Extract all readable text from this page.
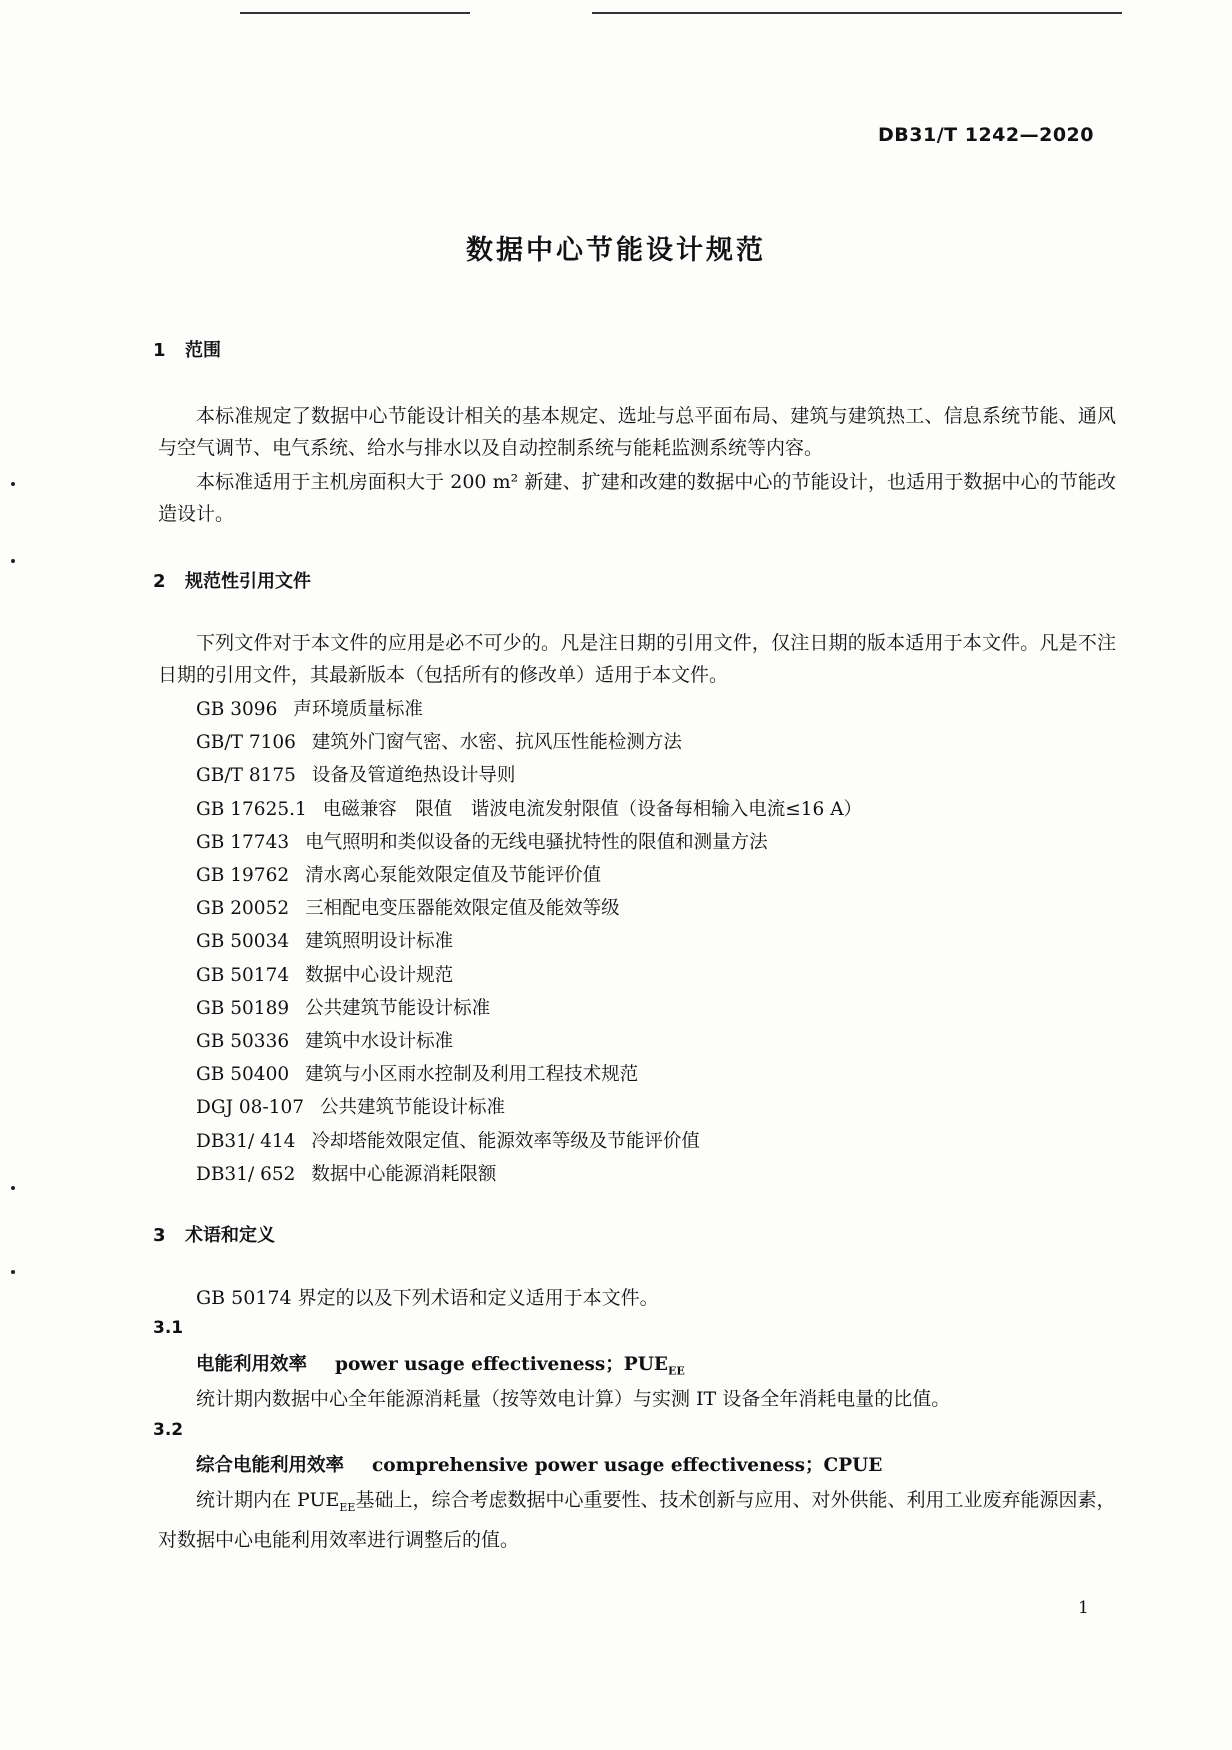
DB31/T 1242—2020
数据中心节能设计规范
1 范围

本标准规定了数据中心节能设计相关的基本规定、选址与总平面布局、建筑与建筑热工、信息系统节能、通风与空气调节、电气系统、给水与排水以及自动控制系统与能耗监测系统等内容。

本标准适用于主机房面积大于 200 m² 新建、扩建和改建的数据中心的节能设计，也适用于数据中心的节能改造设计。

2 规范性引用文件

下列文件对于本文件的应用是必不可少的。凡是注日期的引用文件，仅注日期的版本适用于本文件。凡是不注日期的引用文件，其最新版本（包括所有的修改单）适用于本文件。

GB 3096 声环境质量标准
GB/T 7106 建筑外门窗气密、水密、抗风压性能检测方法
GB/T 8175 设备及管道绝热设计导则
GB 17625.1 电磁兼容　限值　谐波电流发射限值（设备每相输入电流≤16 A）
GB 17743 电气照明和类似设备的无线电骚扰特性的限值和测量方法
GB 19762 清水离心泵能效限定值及节能评价值
GB 20052 三相配电变压器能效限定值及能效等级
GB 50034 建筑照明设计标准
GB 50174 数据中心设计规范
GB 50189 公共建筑节能设计标准
GB 50336 建筑中水设计标准
GB 50400 建筑与小区雨水控制及利用工程技术规范
DGJ 08-107 公共建筑节能设计标准
DB31/ 414 冷却塔能效限定值、能源效率等级及节能评价值
DB31/ 652 数据中心能源消耗限额
3 术语和定义
GB 50174 界定的以及下列术语和定义适用于本文件。
3.1
电能利用效率 power usage effectiveness；$PUE_{EE}$
统计期内数据中心全年能源消耗量（按等效电计算）与实测 IT 设备全年消耗电量的比值。
3.2
综合电能利用效率 comprehensive power usage effectiveness；CPUE

统计期内在 $PUE_{EE}$基础上，综合考虑数据中心重要性、技术创新与应用、对外供能、利用工业废弃能源因素，对数据中心电能利用效率进行调整后的值。

1
